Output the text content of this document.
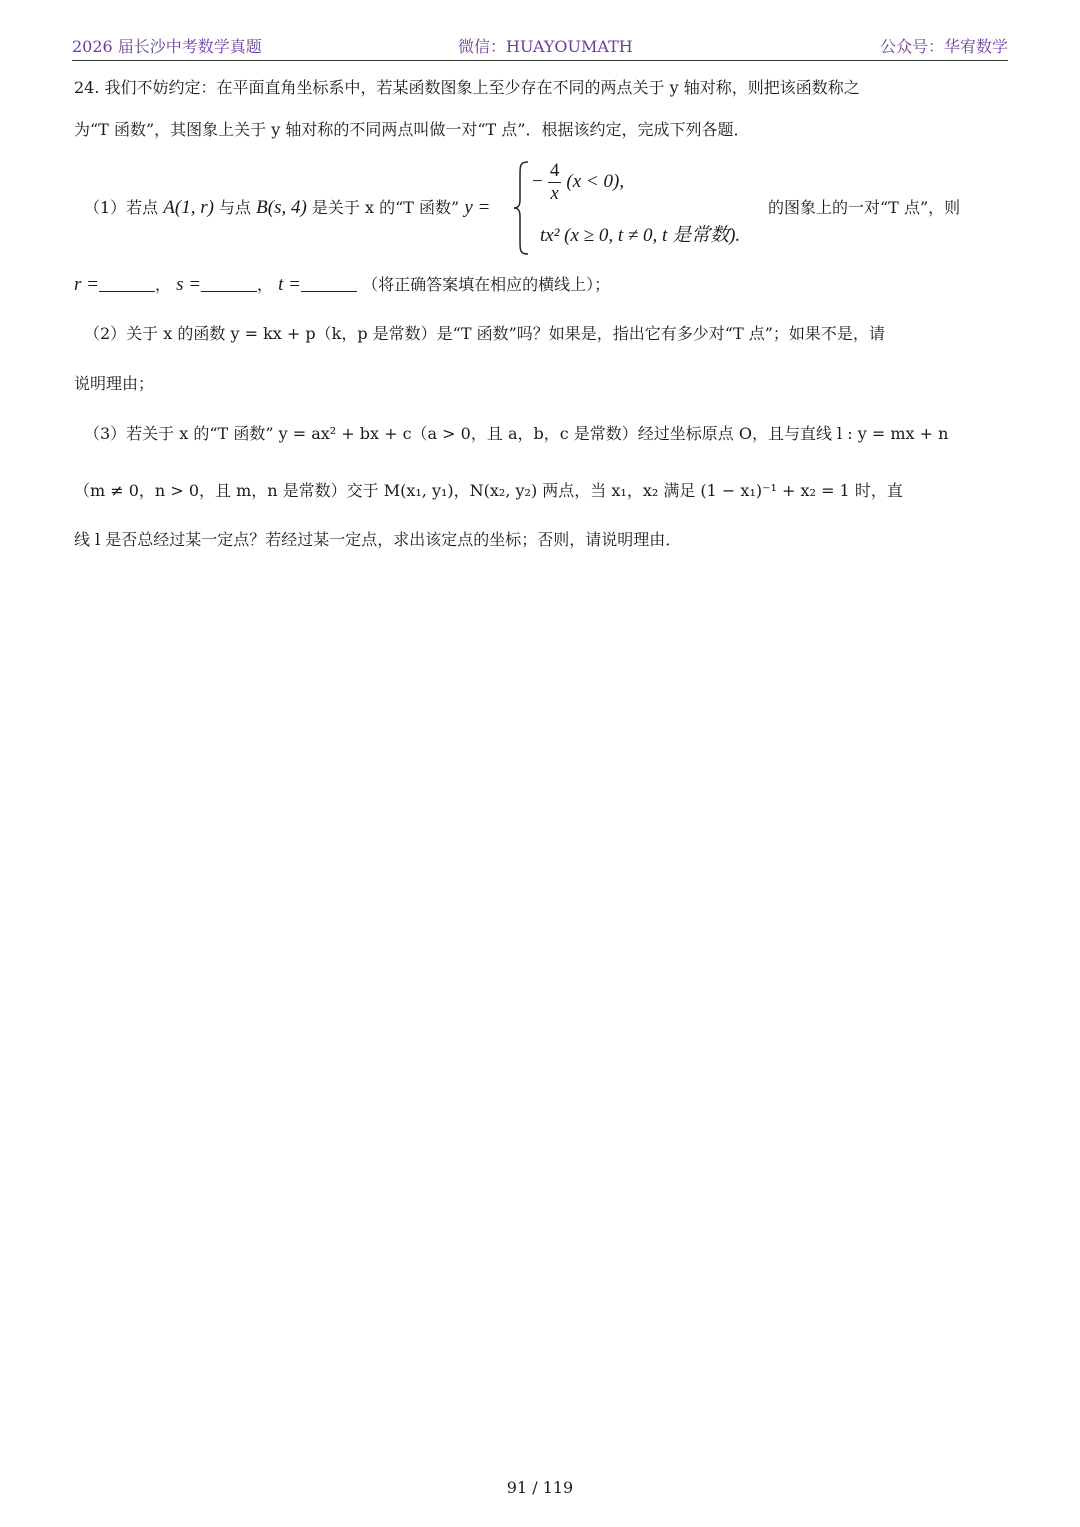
2026 届长沙中考数学真题	微信：HUAYOUMATH	公众号：华宥数学
24. 我们不妨约定：在平面直角坐标系中，若某函数图象上至少存在不同的两点关于 y 轴对称，则把该函数称之
为“T 函数”，其图象上关于 y 轴对称的不同两点叫做一对“T 点”．根据该约定，完成下列各题．
（1）若点 A(1, r) 与点 B(s, 4) 是关于 x 的“T 函数” y =
− $\frac{4}{x} (x < 0)$,
tx² (x ≥ 0, t ≠ 0, t 是常数).
的图象上的一对“T 点”，则
r =	， s =	， t =	（将正确答案填在相应的横线上）；
（2）关于 x 的函数 y = kx + p（k，p 是常数）是“T 函数”吗？如果是，指出它有多少对“T 点”；如果不是，请
说明理由；
（3）若关于 x 的“T 函数” y = ax² + bx + c（a > 0，且 a，b，c 是常数）经过坐标原点 O，且与直线 l : y = mx + n
（m ≠ 0，n > 0，且 m，n 是常数）交于 M(x₁, y₁)，N(x₂, y₂) 两点，当 x₁，x₂ 满足 (1 − x₁)⁻¹ + x₂ = 1 时，直
线 l 是否总经过某一定点？若经过某一定点，求出该定点的坐标；否则，请说明理由．
91 / 119
